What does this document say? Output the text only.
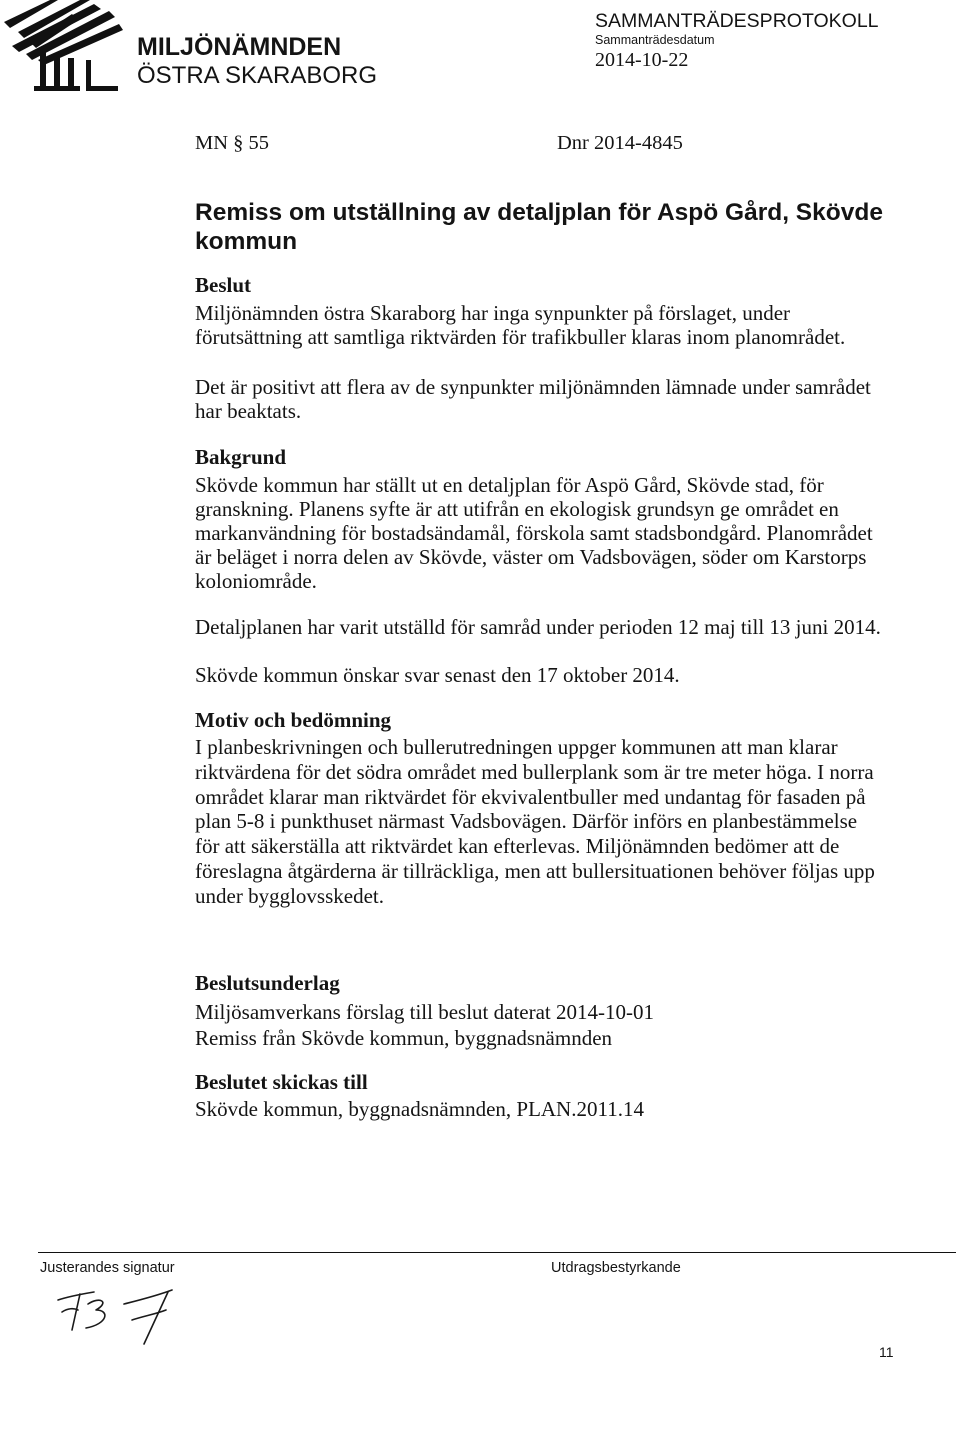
MILJÖNÄMNDEN
ÖSTRA SKARABORG
SAMMANTRÄDESPROTOKOLL
Sammanträdesdatum
2014-10-22
MN § 55	Dnr 2014-4845
Remiss om utställning av detaljplan för Aspö Gård, Skövde
kommun
Beslut
Miljönämnden östra Skaraborg har inga synpunkter på förslaget, under
förutsättning att samtliga riktvärden för trafikbuller klaras inom planområdet.
Det är positivt att flera av de synpunkter miljönämnden lämnade under samrådet
har beaktats.
Bakgrund
Skövde kommun har ställt ut en detaljplan för Aspö Gård, Skövde stad, för
granskning. Planens syfte är att utifrån en ekologisk grundsyn ge området en
markanvändning för bostadsändamål, förskola samt stadsbondgård. Planområdet
är beläget i norra delen av Skövde, väster om Vadsbovägen, söder om Karstorps
koloniområde.
Detaljplanen har varit utställd för samråd under perioden 12 maj till 13 juni 2014.
Skövde kommun önskar svar senast den 17 oktober 2014.
Motiv och bedömning
I planbeskrivningen och bullerutredningen uppger kommunen att man klarar
riktvärdena för det södra området med bullerplank som är tre meter höga. I norra
området klarar man riktvärdet för ekvivalentbuller med undantag för fasaden på
plan 5-8 i punkthuset närmast Vadsbovägen. Därför införs en planbestämmelse
för att säkerställa att riktvärdet kan efterlevas. Miljönämnden bedömer att de
föreslagna åtgärderna är tillräckliga, men att bullersituationen behöver följas upp
under bygglovsskedet.
Beslutsunderlag
Miljösamverkans förslag till beslut daterat 2014-10-01
Remiss från Skövde kommun, byggnadsnämnden
Beslutet skickas till
Skövde kommun, byggnadsnämnden, PLAN.2011.14
Justerandes signatur	Utdragsbestyrkande
11
